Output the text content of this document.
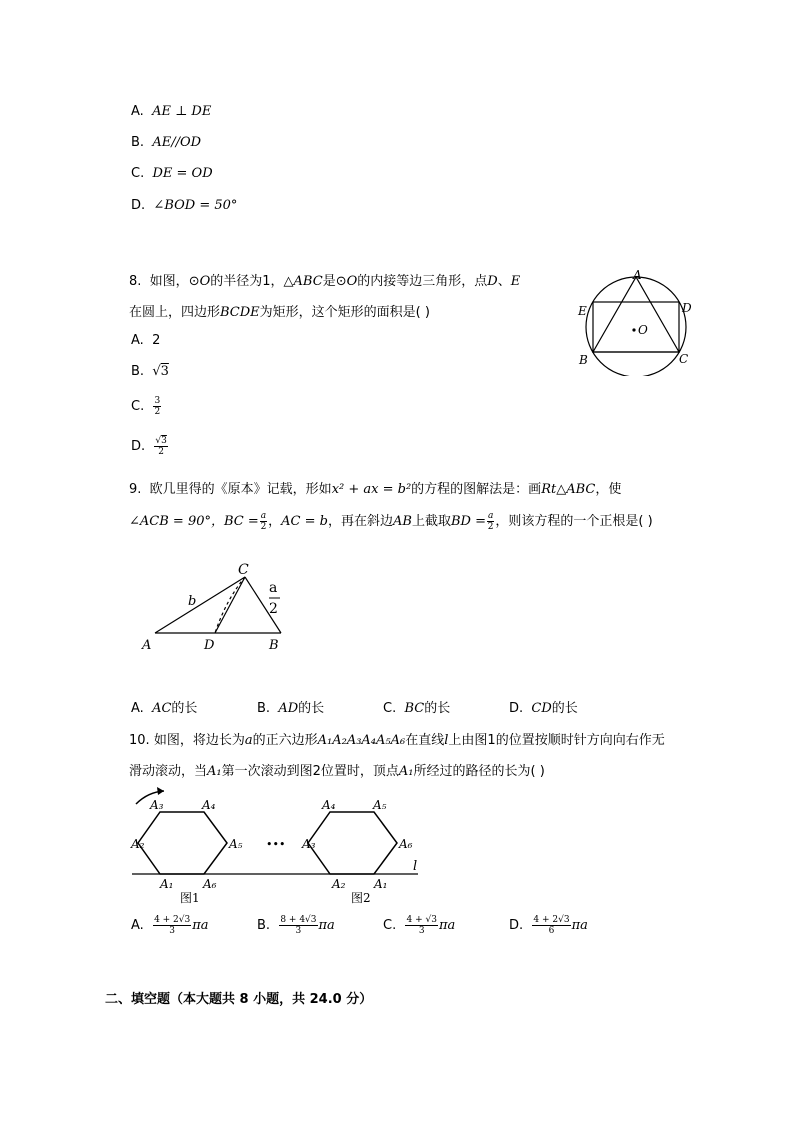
A. AE ⊥ DE
B. AE//OD
C. DE = OD
D. ∠BOD = 50°
8. 如图，⊙O的半径为1，△ABC是⊙O的内接等边三角形，点D、E
在圆上，四边形BCDE为矩形，这个矩形的面积是( )
A. 2
B. √3
C. $\frac{3}{2}$
D. $\frac{√3}{2}$
A
B	C
D
E
O
9. 欧几里得的《原本》记载，形如x² + ax = b²的方程的图解法是：画Rt△ABC，使
∠ACB = 90°，BC = $\frac{a}{2}$ ，AC = b，再在斜边AB上截取BD = $\frac{a}{2}$ ，则该方程的一个正根是( )
A	D	B
C
b
a
2
A. AC的长	B. AD的长	C. BC的长	D. CD的长
10. 如图，将边长为a的正六边形A₁A₂A₃A₄A₅A₆在直线l上由图1的位置按顺时针方向向右作无
滑动滚动，当A₁第一次滚动到图2位置时，顶点A₁所经过的路径的长为( )
l
•••
A₃	A₄
A₂	A₅
A₁ A₆
A₄	A₅
A₃	A₆
A₂ A₁
图1	图2
A. $\frac{4 + 2√3}{3}$ πa	B. $\frac{8 + 4√3}{3}$ πa	C. $\frac{4 + √3}{3}$ πa	D. $\frac{4 + 2√3}{6}$ πa
二、填空题（本大题共 8 小题，共 24.0 分）
